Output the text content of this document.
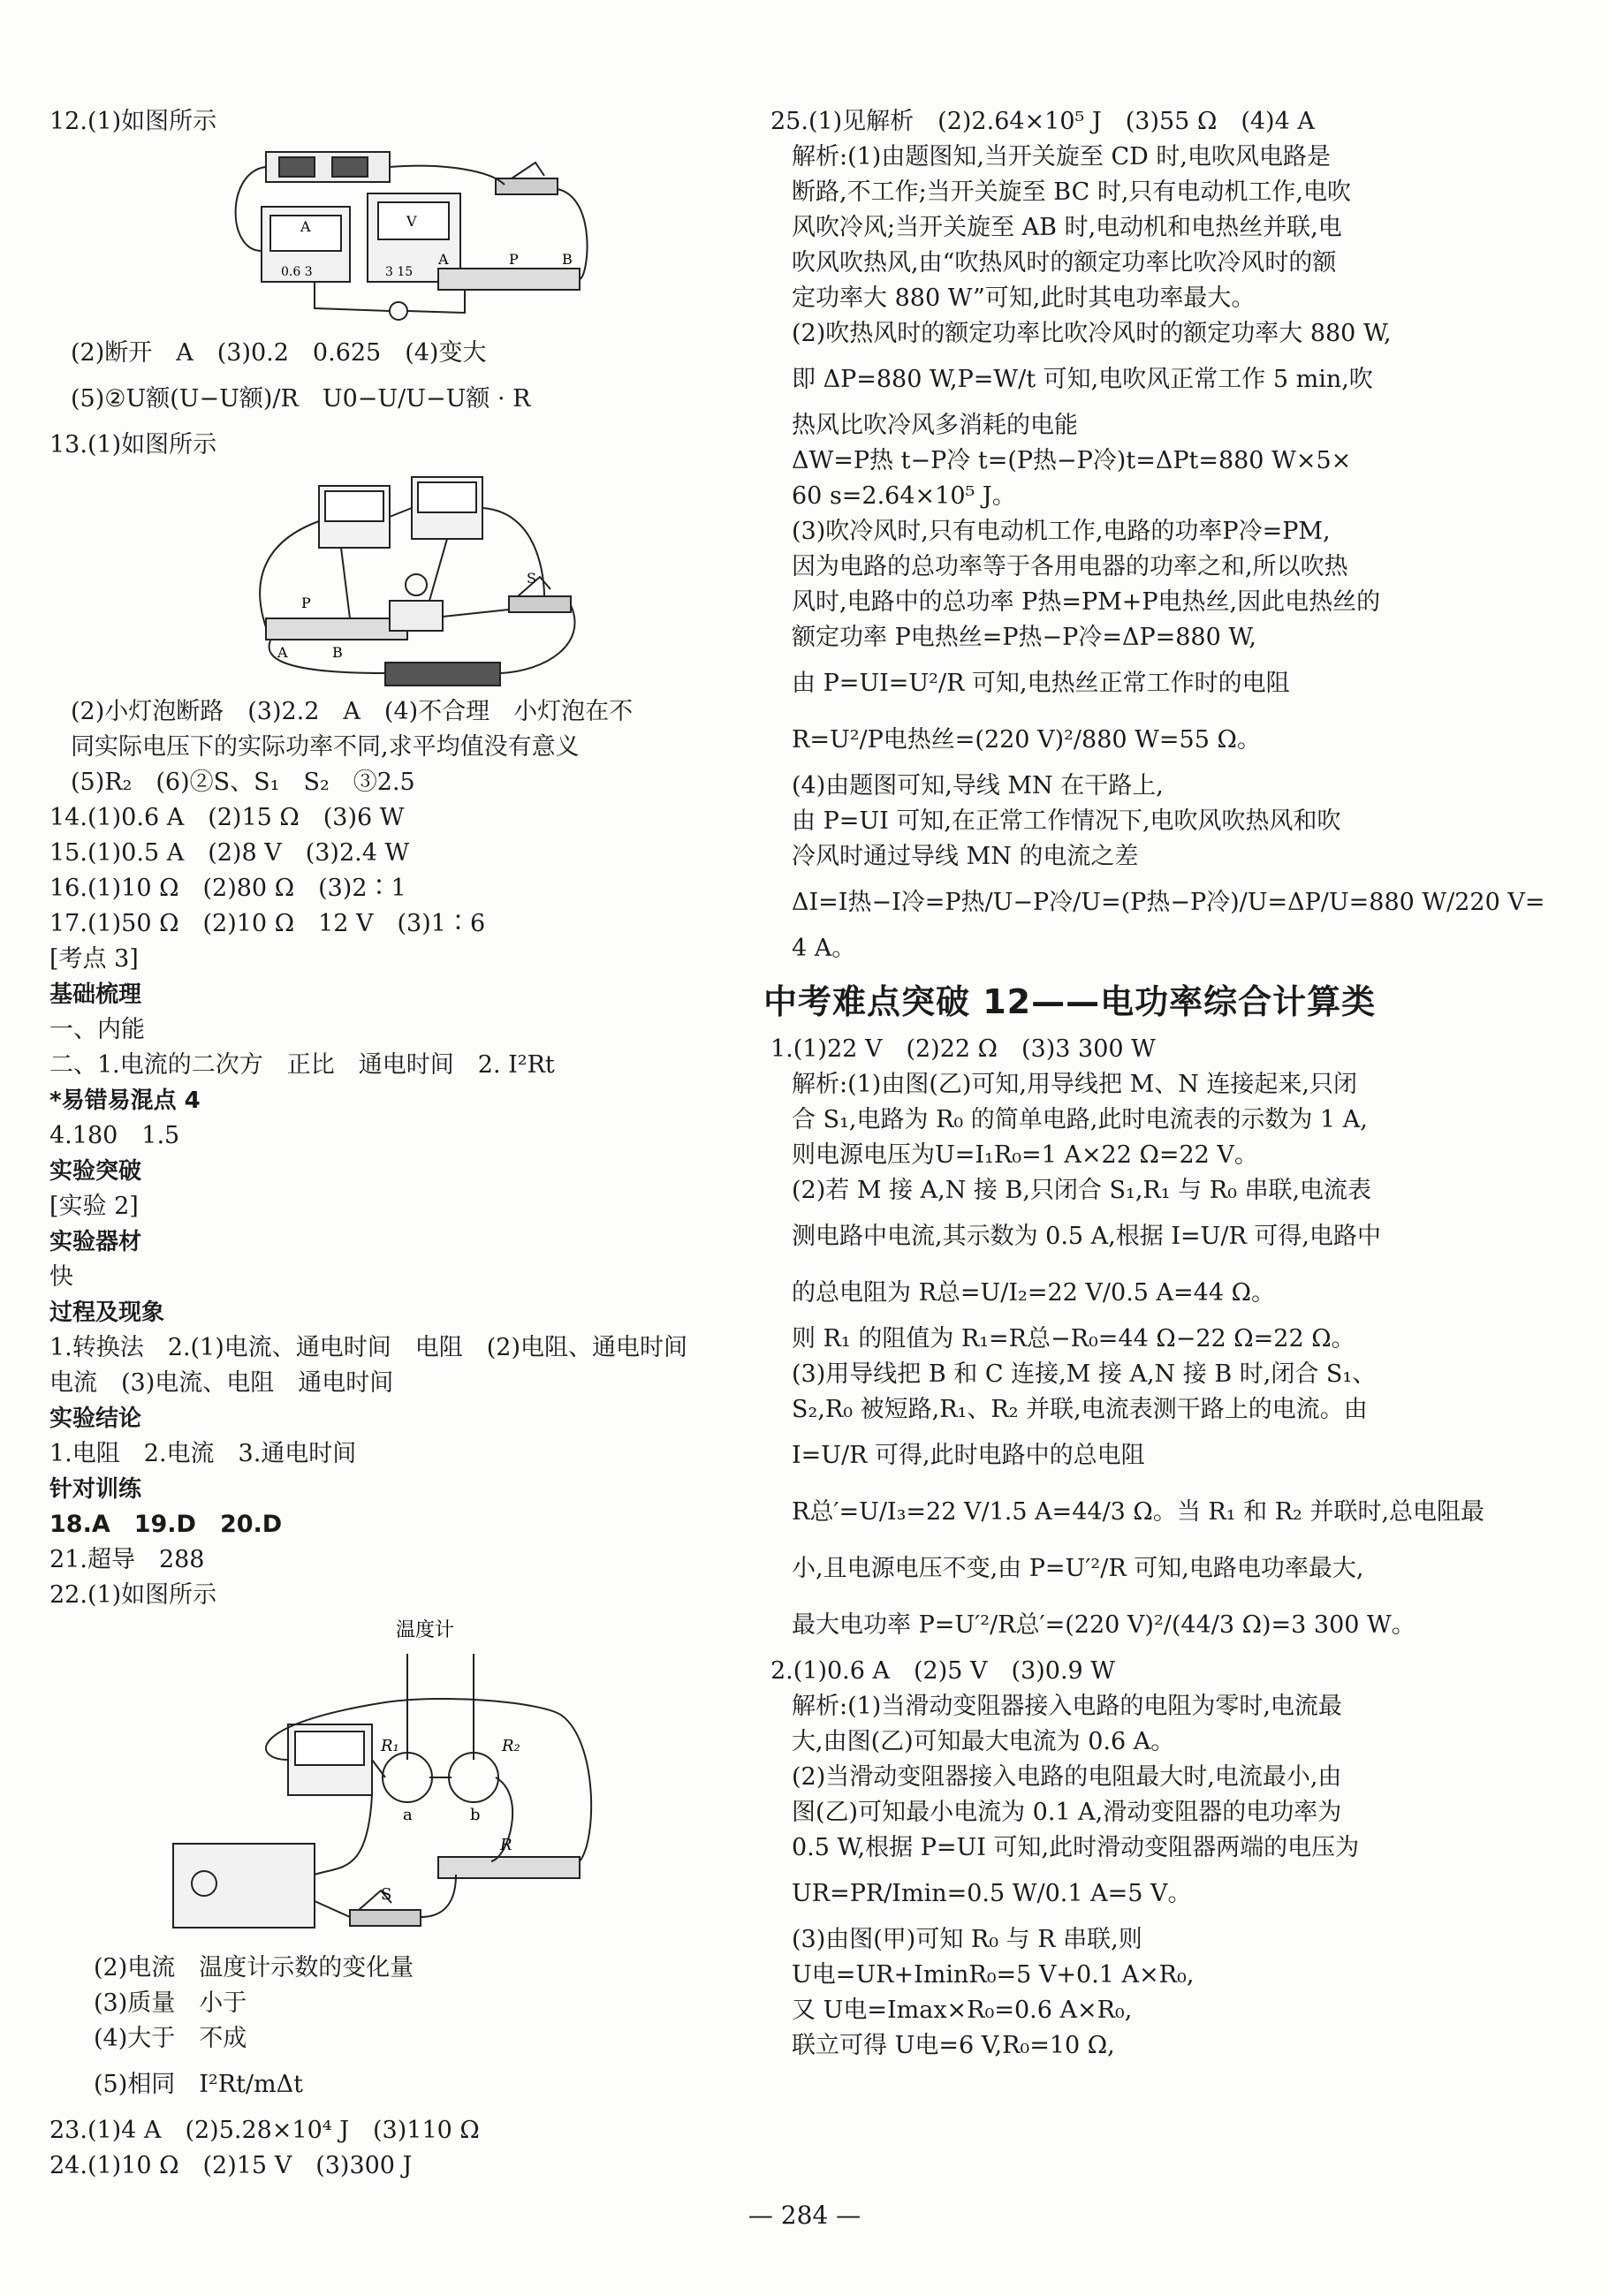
12.(1)如图所示
A	V
0.6 3	3 15
P
A	B
(2)断开　A　(3)0.2　0.625　(4)变大
(5)②U额(U−U额)/R　U0−U/U−U额 · R
13.(1)如图所示
P
S
A	B
(2)小灯泡断路　(3)2.2　A　(4)不合理　小灯泡在不
同实际电压下的实际功率不同,求平均值没有意义
(5)R₂　(6)②S、S₁　S₂　③2.5
14.(1)0.6 A　(2)15 Ω　(3)6 W
15.(1)0.5 A　(2)8 V　(3)2.4 W
16.(1)10 Ω　(2)80 Ω　(3)2∶1
17.(1)50 Ω　(2)10 Ω　12 V　(3)1∶6
[考点 3]
基础梳理
一、内能
二、1.电流的二次方　正比　通电时间　2. I²Rt
*易错易混点 4
4.180　1.5
实验突破
[实验 2]
实验器材
快
过程及现象
1.转换法　2.(1)电流、通电时间　电阻　(2)电阻、通电时间
电流　(3)电流、电阻　通电时间
实验结论
1.电阻　2.电流　3.通电时间
针对训练
18.A　19.D　20.D
21.超导　288
22.(1)如图所示
温度计
R₁	R₂
a	b
R
S
(2)电流　温度计示数的变化量
(3)质量　小于
(4)大于　不成
(5)相同　I²Rt/mΔt
23.(1)4 A　(2)5.28×10⁴ J　(3)110 Ω
24.(1)10 Ω　(2)15 V　(3)300 J
25.(1)见解析　(2)2.64×10⁵ J　(3)55 Ω　(4)4 A
解析:(1)由题图知,当开关旋至 CD 时,电吹风电路是
断路,不工作;当开关旋至 BC 时,只有电动机工作,电吹
风吹冷风;当开关旋至 AB 时,电动机和电热丝并联,电
吹风吹热风,由“吹热风时的额定功率比吹冷风时的额
定功率大 880 W”可知,此时其电功率最大。
(2)吹热风时的额定功率比吹冷风时的额定功率大 880 W,
即 ΔP=880 W,P=W/t 可知,电吹风正常工作 5 min,吹
热风比吹冷风多消耗的电能
ΔW=P热 t−P冷 t=(P热−P冷)t=ΔPt=880 W×5×
60 s=2.64×10⁵ J。
(3)吹冷风时,只有电动机工作,电路的功率P冷=PM,
因为电路的总功率等于各用电器的功率之和,所以吹热
风时,电路中的总功率 P热=PM+P电热丝,因此电热丝的
额定功率 P电热丝=P热−P冷=ΔP=880 W,
由 P=UI=U²/R 可知,电热丝正常工作时的电阻
R=U²/P电热丝=(220 V)²/880 W=55 Ω。
(4)由题图可知,导线 MN 在干路上,
由 P=UI 可知,在正常工作情况下,电吹风吹热风和吹
冷风时通过导线 MN 的电流之差
ΔI=I热−I冷=P热/U−P冷/U=(P热−P冷)/U=ΔP/U=880 W/220 V=
4 A。
中考难点突破 12——电功率综合计算类
1.(1)22 V　(2)22 Ω　(3)3 300 W
解析:(1)由图(乙)可知,用导线把 M、N 连接起来,只闭
合 S₁,电路为 R₀ 的简单电路,此时电流表的示数为 1 A,
则电源电压为U=I₁R₀=1 A×22 Ω=22 V。
(2)若 M 接 A,N 接 B,只闭合 S₁,R₁ 与 R₀ 串联,电流表
测电路中电流,其示数为 0.5 A,根据 I=U/R 可得,电路中
的总电阻为 R总=U/I₂=22 V/0.5 A=44 Ω。
则 R₁ 的阻值为 R₁=R总−R₀=44 Ω−22 Ω=22 Ω。
(3)用导线把 B 和 C 连接,M 接 A,N 接 B 时,闭合 S₁、
S₂,R₀ 被短路,R₁、R₂ 并联,电流表测干路上的电流。由
I=U/R 可得,此时电路中的总电阻
R总′=U/I₃=22 V/1.5 A=44/3 Ω。当 R₁ 和 R₂ 并联时,总电阻最
小,且电源电压不变,由 P=U′²/R 可知,电路电功率最大,
最大电功率 P=U′²/R总′=(220 V)²/(44/3 Ω)=3 300 W。
2.(1)0.6 A　(2)5 V　(3)0.9 W
解析:(1)当滑动变阻器接入电路的电阻为零时,电流最
大,由图(乙)可知最大电流为 0.6 A。
(2)当滑动变阻器接入电路的电阻最大时,电流最小,由
图(乙)可知最小电流为 0.1 A,滑动变阻器的电功率为
0.5 W,根据 P=UI 可知,此时滑动变阻器两端的电压为
UR=PR/Imin=0.5 W/0.1 A=5 V。
(3)由图(甲)可知 R₀ 与 R 串联,则
U电=UR+IminR₀=5 V+0.1 A×R₀,
又 U电=Imax×R₀=0.6 A×R₀,
联立可得 U电=6 V,R₀=10 Ω,
— 284 —
